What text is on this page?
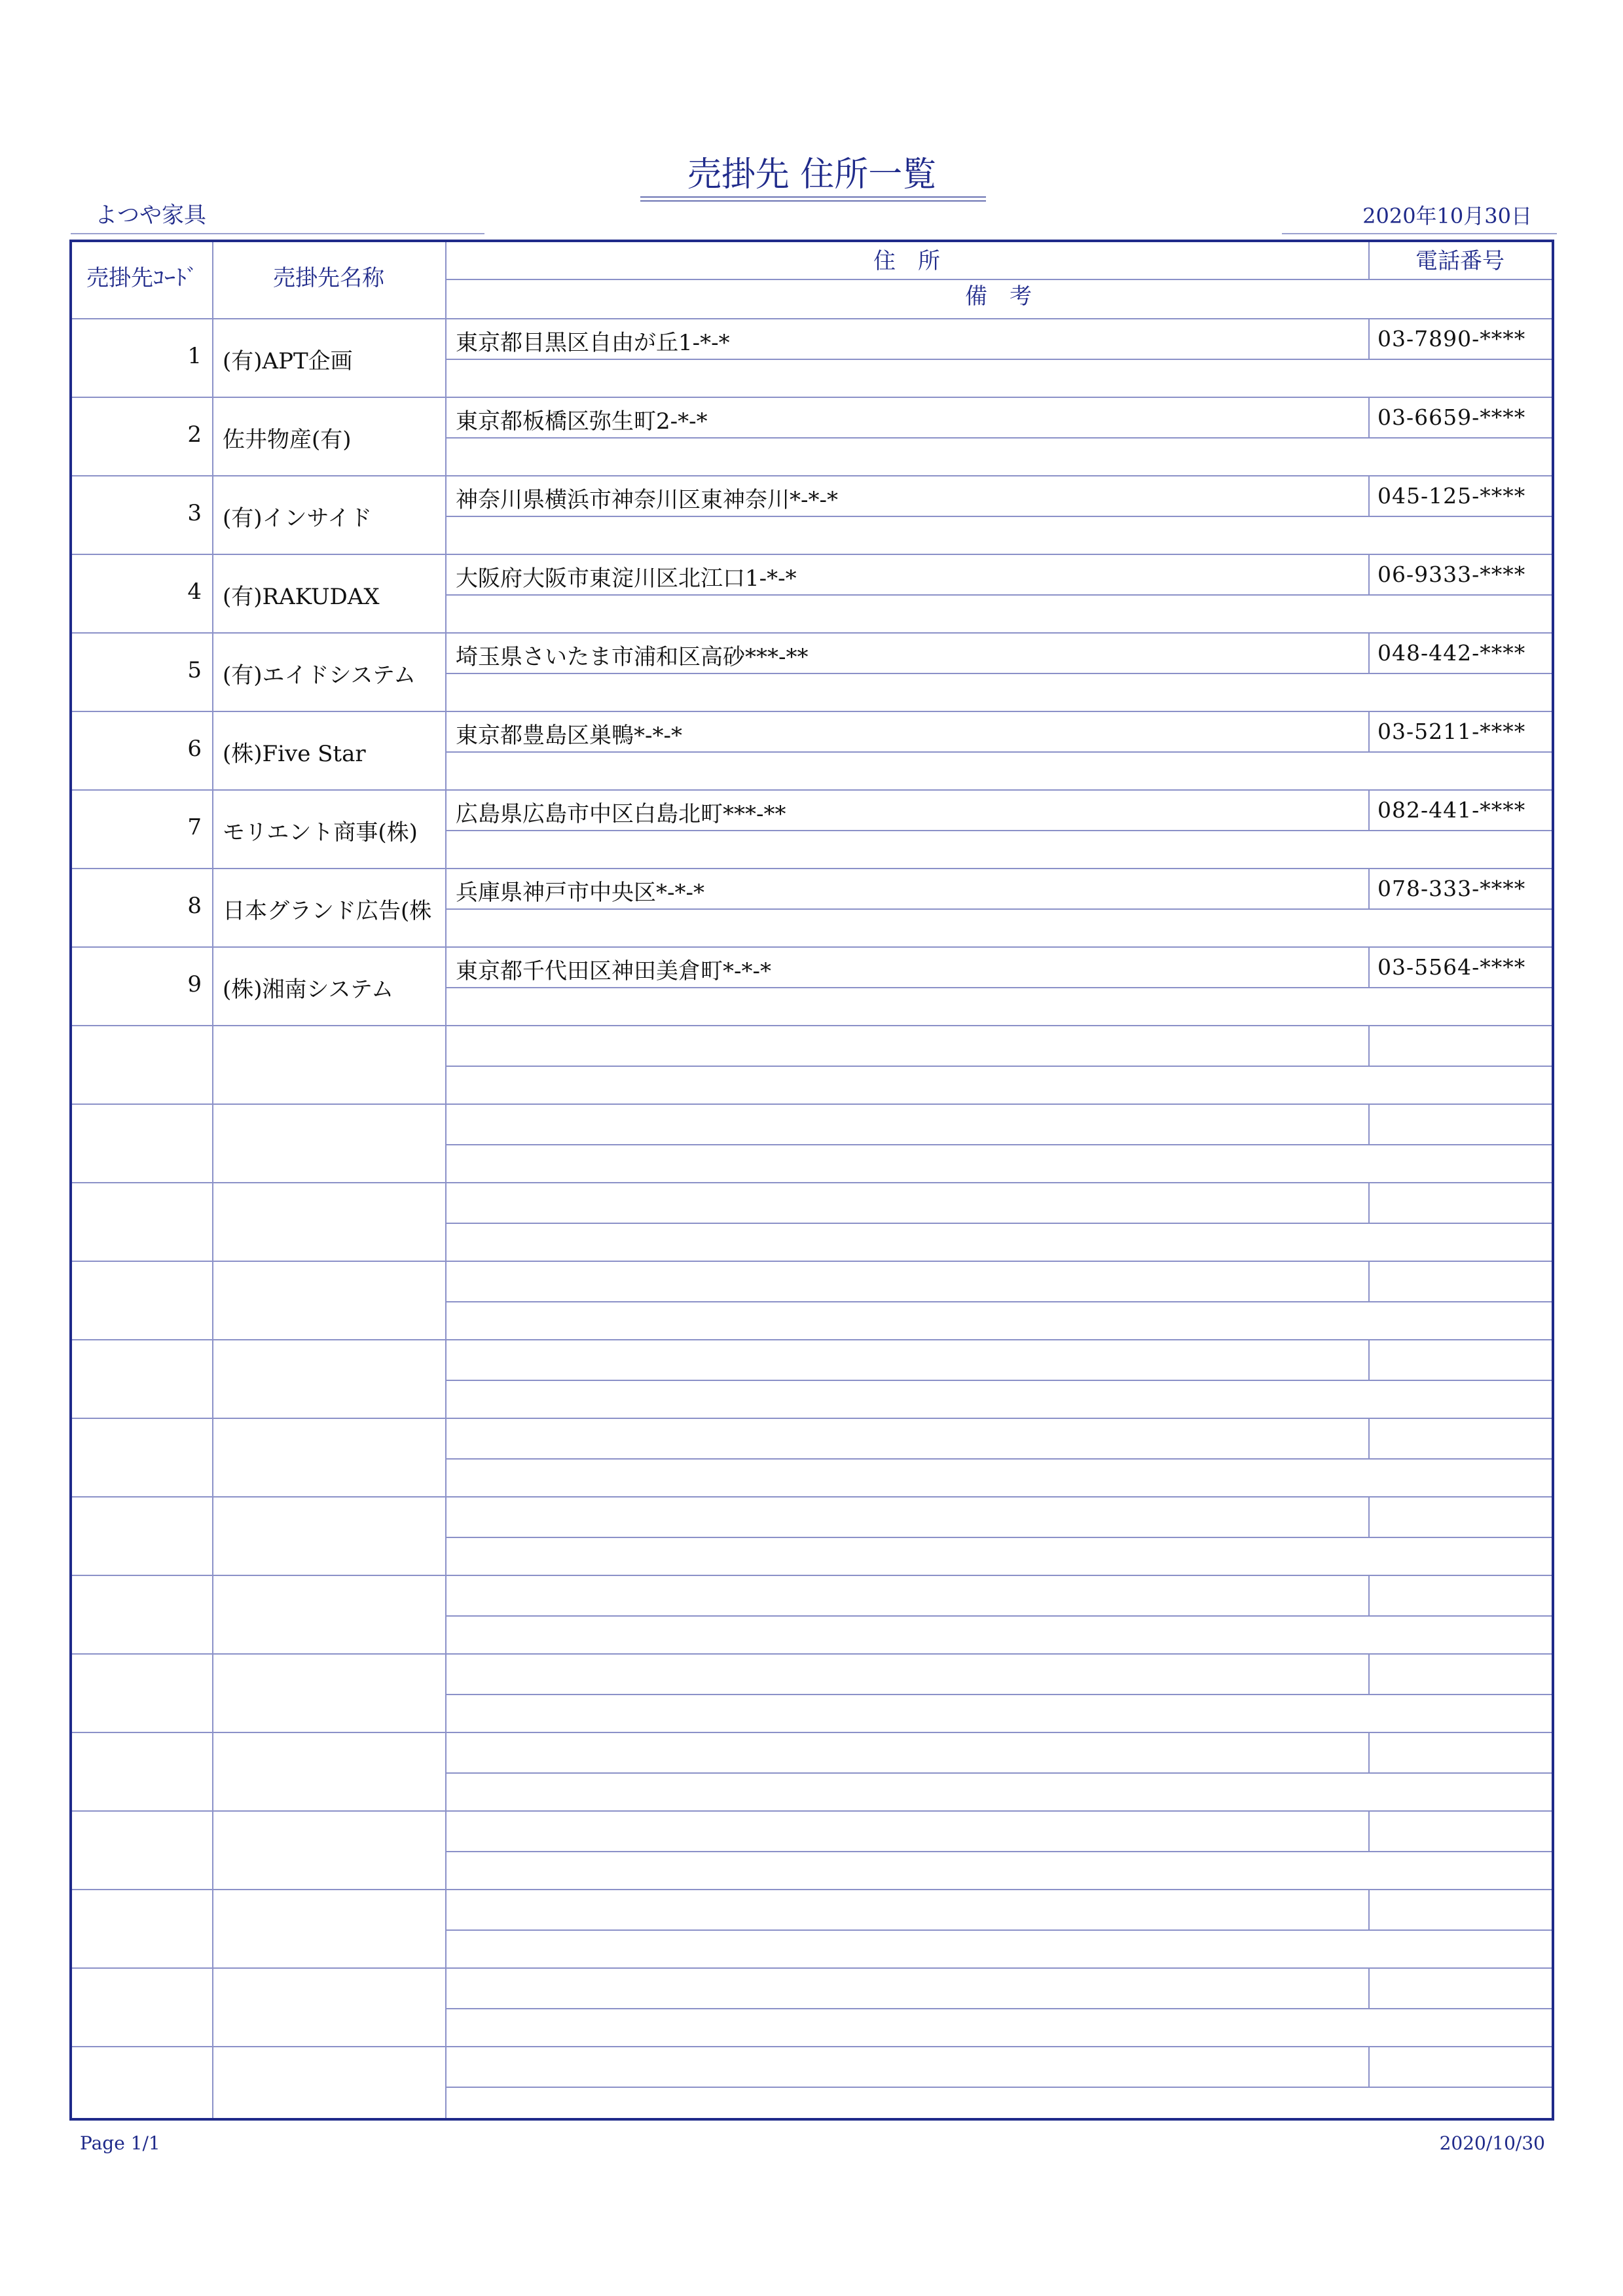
売掛先 住所一覧
よつや家具	2020年10月30日
売掛先ｺｰﾄﾞ	売掛先名称
住　所	電話番号
備　考
1 (有)APT企画
東京都目黒区自由が丘1-*-*	03-7890-****
2 佐井物産(有)
東京都板橋区弥生町2-*-*	03-6659-****
3 (有)インサイド
神奈川県横浜市神奈川区東神奈川*-*-*	045-125-****
4 (有)RAKUDAX
大阪府大阪市東淀川区北江口1-*-*	06-9333-****
5 (有)エイドシステム
埼玉県さいたま市浦和区高砂***-**	048-442-****
6 (株)Five Star
東京都豊島区巣鴨*-*-*	03-5211-****
7 モリエント商事(株)
広島県広島市中区白島北町***-**	082-441-****
8 日本グランド広告(株
兵庫県神戸市中央区*-*-*	078-333-****
9 (株)湘南システム
東京都千代田区神田美倉町*-*-*	03-5564-****
Page 1/1	2020/10/30
